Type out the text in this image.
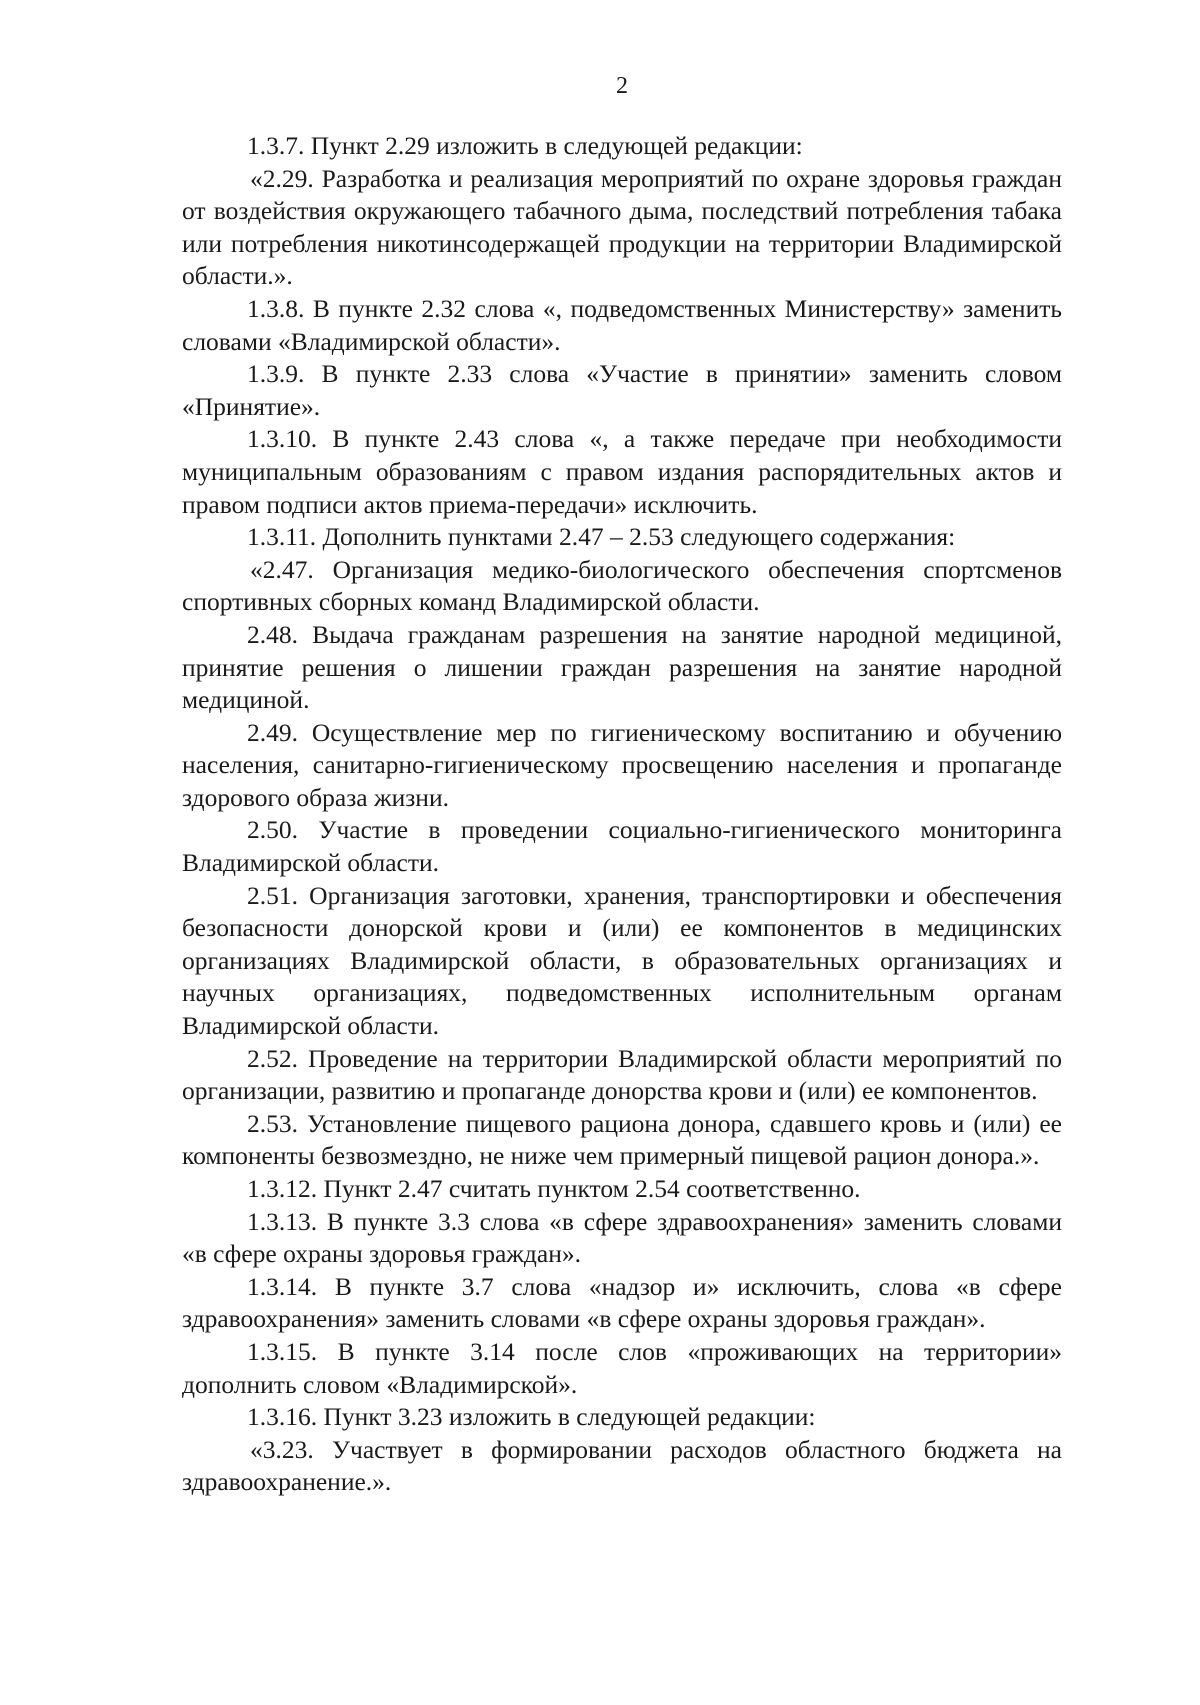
2

1.3.7. Пункт 2.29 изложить в следующей редакции:

«2.29. Разработка и реализация мероприятий по охране здоровья граждан от воздействия окружающего табачного дыма, последствий потребления табака или потребления никотинсодержащей продукции на территории Владимирской области.».

1.3.8. В пункте 2.32 слова «, подведомственных Министерству» заменить словами «Владимирской области».

1.3.9. В пункте 2.33 слова «Участие в принятии» заменить словом «Принятие».

1.3.10. В пункте 2.43 слова «, а также передаче при необходимости муниципальным образованиям с правом издания распорядительных актов и правом подписи актов приема-передачи» исключить.

1.3.11. Дополнить пунктами 2.47 – 2.53 следующего содержания:

«2.47. Организация медико-биологического обеспечения спортсменов спортивных сборных команд Владимирской области.

2.48. Выдача гражданам разрешения на занятие народной медициной, принятие решения о лишении граждан разрешения на занятие народной медициной.

2.49. Осуществление мер по гигиеническому воспитанию и обучению населения, санитарно-гигиеническому просвещению населения и пропаганде здорового образа жизни.

2.50. Участие в проведении социально-гигиенического мониторинга Владимирской области.

2.51. Организация заготовки, хранения, транспортировки и обеспечения безопасности донорской крови и (или) ее компонентов в медицинских организациях Владимирской области, в образовательных организациях и научных организациях, подведомственных исполнительным органам Владимирской области.

2.52. Проведение на территории Владимирской области мероприятий по организации, развитию и пропаганде донорства крови и (или) ее компонентов.

2.53. Установление пищевого рациона донора, сдавшего кровь и (или) ее компоненты безвозмездно, не ниже чем примерный пищевой рацион донора.».

1.3.12. Пункт 2.47 считать пунктом 2.54 соответственно.

1.3.13. В пункте 3.3 слова «в сфере здравоохранения» заменить словами «в сфере охраны здоровья граждан».

1.3.14. В пункте 3.7 слова «надзор и» исключить, слова «в сфере здравоохранения» заменить словами «в сфере охраны здоровья граждан».

1.3.15. В пункте 3.14 после слов «проживающих на территории» дополнить словом «Владимирской».

1.3.16. Пункт 3.23 изложить в следующей редакции:

«3.23. Участвует в формировании расходов областного бюджета на здравоохранение.».
